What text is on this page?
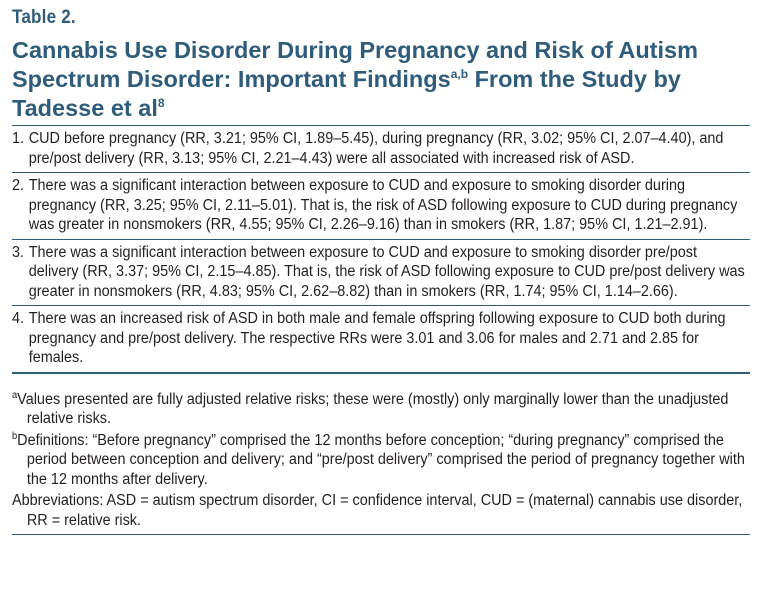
Table 2.
Cannabis Use Disorder During Pregnancy and Risk of Autism
Spectrum Disorder: Important Findings$^{a,b}$ From the Study by
Tadesse et $al^8$
1. CUD before pregnancy (RR, 3.21; 95% CI, 1.89–5.45), during pregnancy (RR, 3.02; 95% CI, 2.07–4.40), and pre/post delivery (RR, 3.13; 95% CI, 2.21–4.43) were all associated with increased risk of ASD.
2. There was a significant interaction between exposure to CUD and exposure to smoking disorder during pregnancy (RR, 3.25; 95% CI, 2.11–5.01). That is, the risk of ASD following exposure to CUD during pregnancy was greater in nonsmokers (RR, 4.55; 95% CI, 2.26–9.16) than in smokers (RR, 1.87; 95% CI, 1.21–2.91).
3. There was a significant interaction between exposure to CUD and exposure to smoking disorder pre/post delivery (RR, 3.37; 95% CI, 2.15–4.85). That is, the risk of ASD following exposure to CUD pre/post delivery was greater in nonsmokers (RR, 4.83; 95% CI, 2.62–8.82) than in smokers (RR, 1.74; 95% CI, 1.14–2.66).
4. There was an increased risk of ASD in both male and female offspring following exposure to CUD both during pregnancy and pre/post delivery. The respective RRs were 3.01 and 3.06 for males and 2.71 and 2.85 for females.
$^a$Values presented are fully adjusted relative risks; these were (mostly) only marginally lower than the unadjusted relative risks.
$^b$Definitions: “Before pregnancy” comprised the 12 months before conception; “during pregnancy” comprised the period between conception and delivery; and “pre/post delivery” comprised the period of pregnancy together with the 12 months after delivery.
Abbreviations: ASD = autism spectrum disorder, CI = confidence interval, CUD = (maternal) cannabis use disorder, RR = relative risk.
